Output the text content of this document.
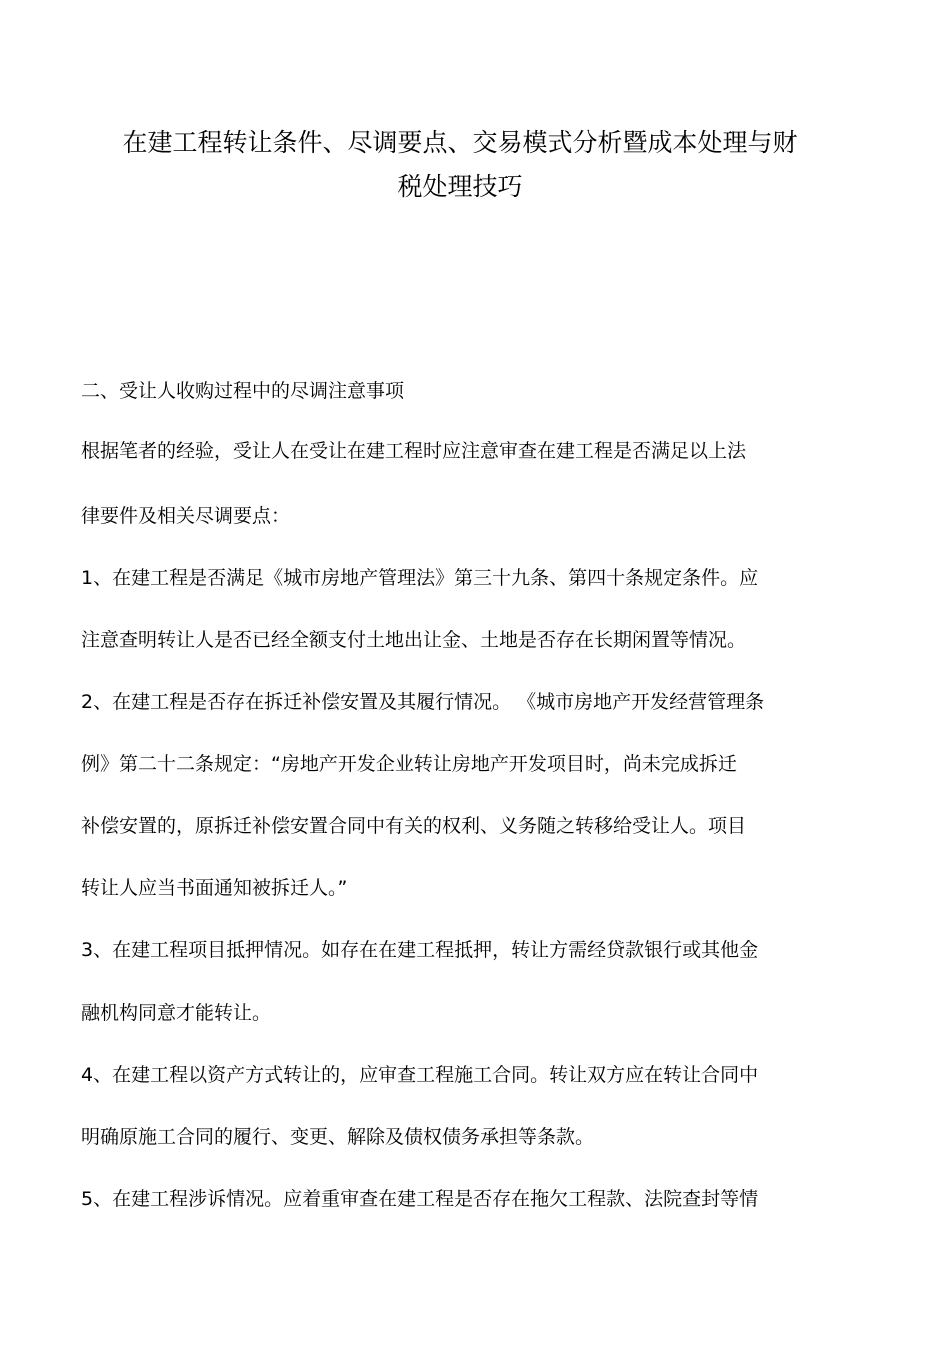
在建工程转让条件、尽调要点、交易模式分析暨成本处理与财
税处理技巧
二、受让人收购过程中的尽调注意事项
根据笔者的经验，受让人在受让在建工程时应注意审查在建工程是否满足以上法
律要件及相关尽调要点：
1、在建工程是否满足《城市房地产管理法》第三十九条、第四十条规定条件。应
注意查明转让人是否已经全额支付土地出让金、土地是否存在长期闲置等情况。
2、在建工程是否存在拆迁补偿安置及其履行情况。 《城市房地产开发经营管理条
例》第二十二条规定：“房地产开发企业转让房地产开发项目时，尚未完成拆迁
补偿安置的，原拆迁补偿安置合同中有关的权利、义务随之转移给受让人。项目
转让人应当书面通知被拆迁人。”
3、在建工程项目抵押情况。如存在在建工程抵押，转让方需经贷款银行或其他金
融机构同意才能转让。
4、在建工程以资产方式转让的，应审查工程施工合同。转让双方应在转让合同中
明确原施工合同的履行、变更、解除及债权债务承担等条款。
5、在建工程涉诉情况。应着重审查在建工程是否存在拖欠工程款、法院查封等情
